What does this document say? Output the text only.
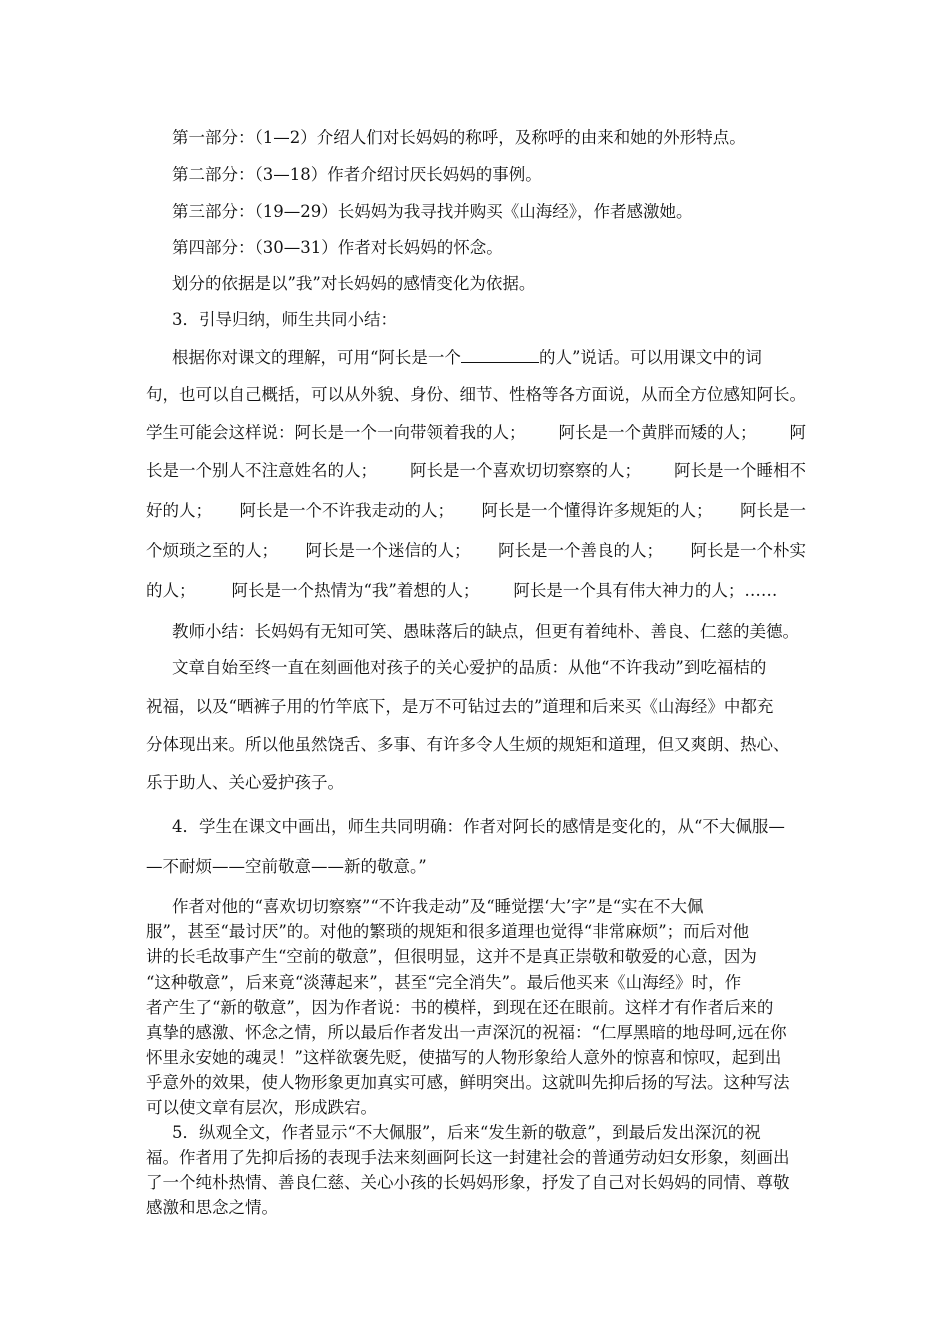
第一部分：（1—2）介绍人们对长妈妈的称呼，及称呼的由来和她的外形特点。
第二部分：（3—18）作者介绍讨厌长妈妈的事例。
第三部分：（19—29）长妈妈为我寻找并购买《山海经》，作者感激她。
第四部分：（30—31）作者对长妈妈的怀念。
划分的依据是以”我”对长妈妈的感情变化为依据。
3．引导归纳，师生共同小结：
根据你对课文的理解，可用“阿长是一个	的人”说话。可以用课文中的词
句，也可以自己概括，可以从外貌、身份、细节、性格等各方面说，从而全方位感知阿长。
学生可能会这样说：阿长是一个一向带领着我的人； 阿长是一个黄胖而矮的人； 阿
长是一个别人不注意姓名的人； 阿长是一个喜欢切切察察的人； 阿长是一个睡相不
好的人； 阿长是一个不许我走动的人； 阿长是一个懂得许多规矩的人； 阿长是一
个烦琐之至的人； 阿长是一个迷信的人； 阿长是一个善良的人； 阿长是一个朴实
的人； 阿长是一个热情为“我”着想的人； 阿长是一个具有伟大神力的人；……
教师小结：长妈妈有无知可笑、愚昧落后的缺点，但更有着纯朴、善良、仁慈的美德。
文章自始至终一直在刻画他对孩子的关心爱护的品质：从他“不许我动”到吃福桔的
祝福，以及“晒裤子用的竹竿底下，是万不可钻过去的”道理和后来买《山海经》中都充
分体现出来。所以他虽然饶舌、多事、有许多令人生烦的规矩和道理，但又爽朗、热心、
乐于助人、关心爱护孩子。
4．学生在课文中画出，师生共同明确：作者对阿长的感情是变化的，从“不大佩服—
—不耐烦——空前敬意——新的敬意。”
作者对他的“喜欢切切察察”“不许我走动”及“睡觉摆‘大’字”是“实在不大佩
服”，甚至“最讨厌”的。对他的繁琐的规矩和很多道理也觉得“非常麻烦”；而后对他
讲的长毛故事产生“空前的敬意”，但很明显，这并不是真正崇敬和敬爱的心意，因为
“这种敬意”，后来竟“淡薄起来”，甚至“完全消失”。最后他买来《山海经》时，作
者产生了“新的敬意”，因为作者说：书的模样，到现在还在眼前。这样才有作者后来的
真挚的感激、怀念之情，所以最后作者发出一声深沉的祝福：“仁厚黑暗的地母呵,远在你
怀里永安她的魂灵！”这样欲褒先贬，使描写的人物形象给人意外的惊喜和惊叹，起到出
乎意外的效果，使人物形象更加真实可感，鲜明突出。这就叫先抑后扬的写法。这种写法
可以使文章有层次，形成跌宕。
5．纵观全文，作者显示“不大佩服”，后来“发生新的敬意”，到最后发出深沉的祝
福。作者用了先抑后扬的表现手法来刻画阿长这一封建社会的普通劳动妇女形象，刻画出
了一个纯朴热情、善良仁慈、关心小孩的长妈妈形象，抒发了自己对长妈妈的同情、尊敬
感激和思念之情。
